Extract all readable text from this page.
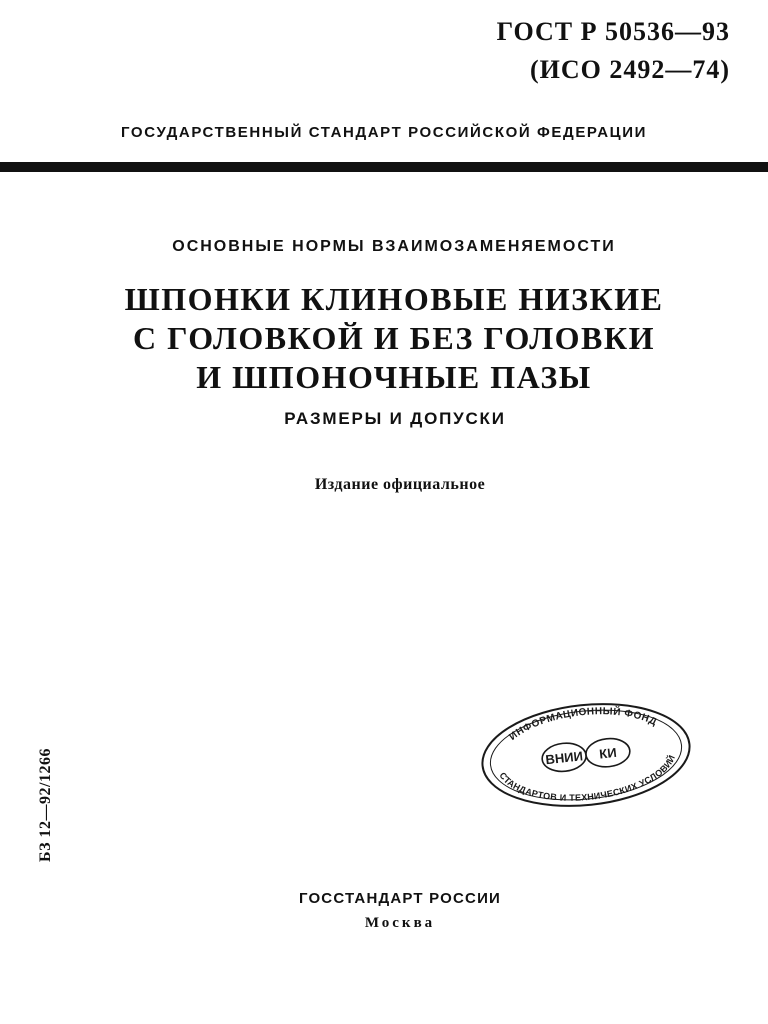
ГОСТ Р 50536—93
(ИСО 2492—74)
ГОСУДАРСТВЕННЫЙ СТАНДАРТ РОССИЙСКОЙ ФЕДЕРАЦИИ
ОСНОВНЫЕ НОРМЫ ВЗАИМОЗАМЕНЯЕМОСТИ
ШПОНКИ КЛИНОВЫЕ НИЗКИЕ
С ГОЛОВКОЙ И БЕЗ ГОЛОВКИ
И ШПОНОЧНЫЕ ПАЗЫ
РАЗМЕРЫ И ДОПУСКИ
Издание официальное
БЗ 12—92/1266
ИНФОРМАЦИОННЫЙ ФОНД
СТАНДАРТОВ И ТЕХНИЧЕСКИХ УСЛОВИЙ
ВНИИ КИ
ГОССТАНДАРТ РОССИИ
Москва
